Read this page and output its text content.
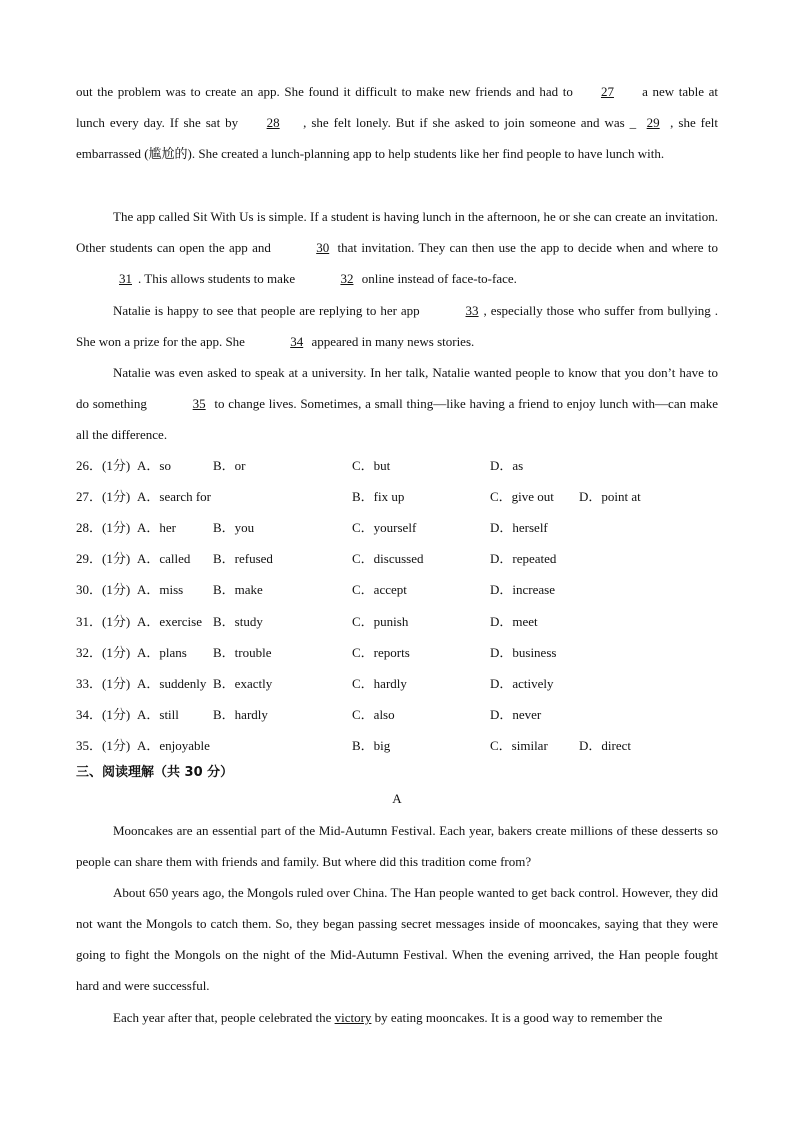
out the problem was to create an app. She found it difficult to make new friends and had to 27 a new table at lunch every day. If she sat by 28 , she felt lonely. But if she asked to join someone and was _ 29 , she felt embarrassed (尴尬的). She created a lunch-planning app to help students like her find people to have lunch with.

The app called Sit With Us is simple. If a student is having lunch in the afternoon, he or she can create an invitation. Other students can open the app and	30 that invitation. They can then use the app to decide when and where to 31 . This allows students to make	32 online instead of face-to-face.

Natalie is happy to see that people are replying to her app	33 , especially those who suffer from bullying . She won a prize for the app. She	34 appeared in many news stories.

Natalie was even asked to speak at a university. In her talk, Natalie wanted people to know that you don’t have to do something	35 to change lives. Sometimes, a small thing—like having a friend to enjoy lunch with—can make all the difference.

26．(1分) A．so	B．or	C．but	D．as
27．(1分) A．search for	B．fix up	C．give out D．point at
28．(1分) A．her	B．you	C．yourself	D．herself
29．(1分) A．called B．refused	C．discussed	D．repeated
30．(1分) A．miss B．make	C．accept	D．increase
31．(1分) A．exercise B．study	C．punish	D．meet
32．(1分) A．plans B．trouble	C．reports	D．business
33．(1分) A．suddenly B．exactly	C．hardly	D．actively
34．(1分) A．still	B．hardly	C．also	D．never
35．(1分) A．enjoyable	B．big	C．similar D．direct
三、阅读理解（共 30 分）
A

Mooncakes are an essential part of the Mid-Autumn Festival. Each year, bakers create millions of these desserts so people can share them with friends and family. But where did this tradition come from?

About 650 years ago, the Mongols ruled over China. The Han people wanted to get back control. However, they did not want the Mongols to catch them. So, they began passing secret messages inside of mooncakes, saying that they were going to fight the Mongols on the night of the Mid-Autumn Festival. When the evening arrived, the Han people fought hard and were successful.

Each year after that, people celebrated the victory by eating mooncakes. It is a good way to remember the
